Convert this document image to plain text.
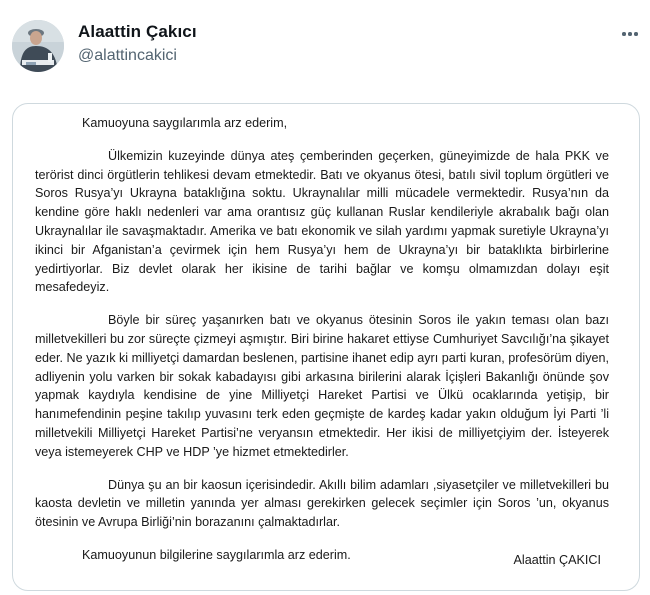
Alaattin Çakıcı
@alattincakici

Kamuoyuna saygılarımla arz ederim,

Ülkemizin kuzeyinde dünya ateş çemberinden geçerken, güneyimizde de hala PKK ve terörist dinci örgütlerin tehlikesi devam etmektedir. Batı ve okyanus ötesi, batılı sivil toplum örgütleri ve Soros Rusya’yı Ukrayna bataklığına soktu. Ukraynalılar milli mücadele vermektedir. Rusya’nın da kendine göre haklı nedenleri var ama orantısız güç kullanan Ruslar kendileriyle akrabalık bağı olan Ukraynalılar ile savaşmaktadır. Amerika ve batı ekonomik ve silah yardımı yapmak suretiyle Ukrayna’yı ikinci bir Afganistan’a çevirmek için hem Rusya’yı hem de Ukrayna’yı bir bataklıkta birbirlerine yedirtiyorlar. Biz devlet olarak her ikisine de tarihi bağlar ve komşu olmamızdan dolayı eşit mesafedeyiz.

Böyle bir süreç yaşanırken batı ve okyanus ötesinin Soros ile yakın teması olan bazı milletvekilleri bu zor süreçte çizmeyi aşmıştır. Biri birine hakaret ettiyse Cumhuriyet Savcılığı’na şikayet eder. Ne yazık ki milliyetçi damardan beslenen, partisine ihanet edip ayrı parti kuran, profesörüm diyen, adliyenin yolu varken bir sokak kabadayısı gibi arkasına birilerini alarak İçişleri Bakanlığı önünde şov yapmak kaydıyla kendisine de yine Milliyetçi Hareket Partisi ve Ülkü ocaklarında yetişip, bir hanımefendinin peşine takılıp yuvasını terk eden geçmişte de kardeş kadar yakın olduğum İyi Parti ’li milletvekili Milliyetçi Hareket Partisi’ne veryansın etmektedir. Her ikisi de milliyetçiyim der. İsteyerek veya istemeyerek CHP ve HDP ’ye hizmet etmektedirler.

Dünya şu an bir kaosun içerisindedir. Akıllı bilim adamları ,siyasetçiler ve milletvekilleri bu kaosta devletin ve milletin yanında yer alması gerekirken gelecek seçimler için Soros ’un, okyanus ötesinin ve Avrupa Birliği’nin borazanını çalmaktadırlar.

Kamuoyunun bilgilerine saygılarımla arz ederim.	Alaattin ÇAKICI
